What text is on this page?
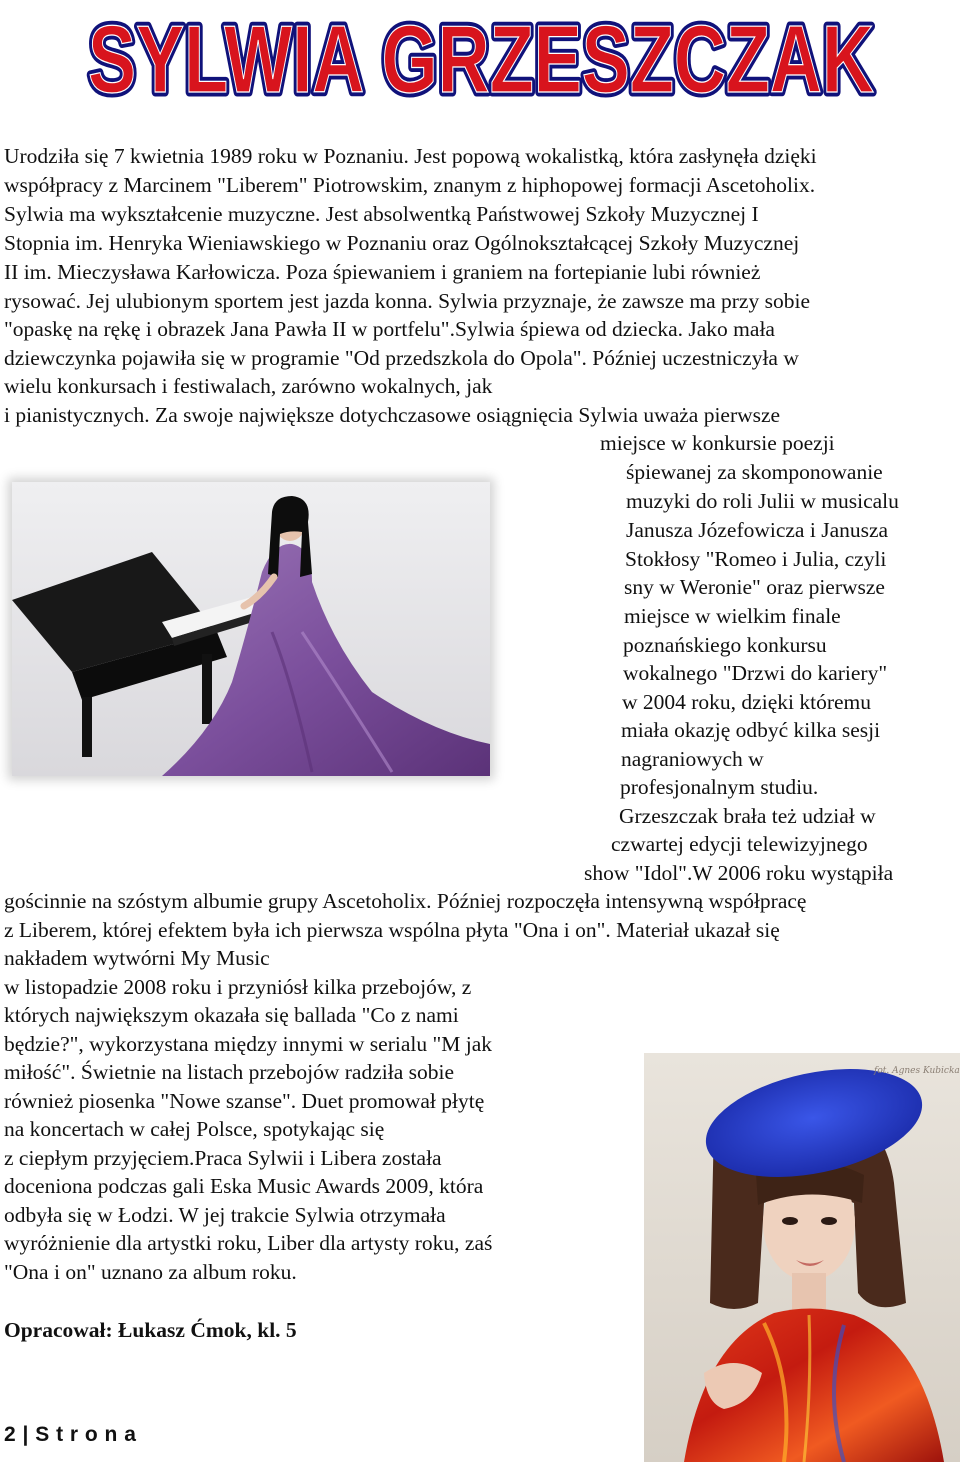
SYLWIA GRZESZCZAK
SYLWIA GRZESZCZAK
Urodziła się 7 kwietnia 1989 roku w Poznaniu. Jest popową wokalistką, która zasłynęła dzięki
współpracy z Marcinem "Liberem" Piotrowskim, znanym z hiphopowej formacji Ascetoholix.
Sylwia ma wykształcenie muzyczne. Jest absolwentką Państwowej Szkoły Muzycznej I
Stopnia im. Henryka Wieniawskiego w Poznaniu oraz Ogólnokształcącej Szkoły Muzycznej
II im. Mieczysława Karłowicza. Poza śpiewaniem i graniem na fortepianie lubi również
rysować. Jej ulubionym sportem jest jazda konna. Sylwia przyznaje, że zawsze ma przy sobie
"opaskę na rękę i obrazek Jana Pawła II w portfelu".Sylwia śpiewa od dziecka. Jako mała
dziewczynka pojawiła się w programie "Od przedszkola do Opola". Później uczestniczyła w
wielu konkursach i festiwalach, zarówno wokalnych, jak
i pianistycznych. Za swoje największe dotychczasowe osiągnięcia Sylwia uważa pierwsze
miejsce w konkursie poezji
śpiewanej za skomponowanie
muzyki do roli Julii w musicalu
Janusza Józefowicza i Janusza
Stokłosy "Romeo i Julia, czyli
sny w Weronie" oraz pierwsze
miejsce w wielkim finale
poznańskiego konkursu
wokalnego "Drzwi do kariery"
w 2004 roku, dzięki któremu
miała okazję odbyć kilka sesji
nagraniowych w
profesjonalnym studiu.
Grzeszczak brała też udział w
czwartej edycji telewizyjnego
show "Idol".W 2006 roku wystąpiła
gościnnie na szóstym albumie grupy Ascetoholix. Później rozpoczęła intensywną współpracę
z Liberem, której efektem była ich pierwsza wspólna płyta "Ona i on". Materiał ukazał się
nakładem wytwórni My Music
w listopadzie 2008 roku i przyniósł kilka przebojów, z
których największym okazała się ballada "Co z nami
będzie?", wykorzystana między innymi w serialu "M jak
miłość". Świetnie na listach przebojów radziła sobie
również piosenka "Nowe szanse". Duet promował płytę
na koncertach w całej Polsce, spotykając się
z ciepłym przyjęciem.Praca Sylwii i Libera została
doceniona podczas gali Eska Music Awards 2009, która
odbyła się w Łodzi. W jej trakcie Sylwia otrzymała
wyróżnienie dla artystki roku, Liber dla artysty roku, zaś
"Ona i on" uznano za album roku.
fot. Agnes Kubicka
Opracował: Łukasz Ćmok, kl. 5
2 | S t r o n a
